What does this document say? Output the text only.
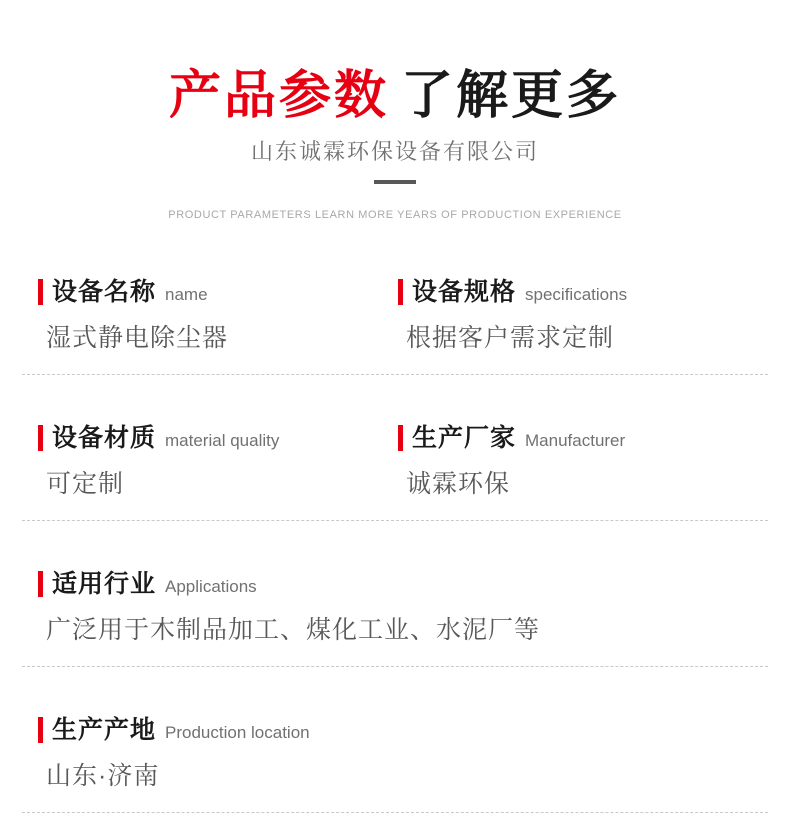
产品参数 了解更多
山东诚霖环保设备有限公司
PRODUCT PARAMETERS LEARN MORE YEARS OF PRODUCTION EXPERIENCE
设备名称 name
湿式静电除尘器
设备规格 specifications
根据客户需求定制
设备材质 material quality
可定制
生产厂家 Manufacturer
诚霖环保
适用行业 Applications
广泛用于木制品加工、煤化工业、水泥厂等
生产产地 Production location
山东·济南
